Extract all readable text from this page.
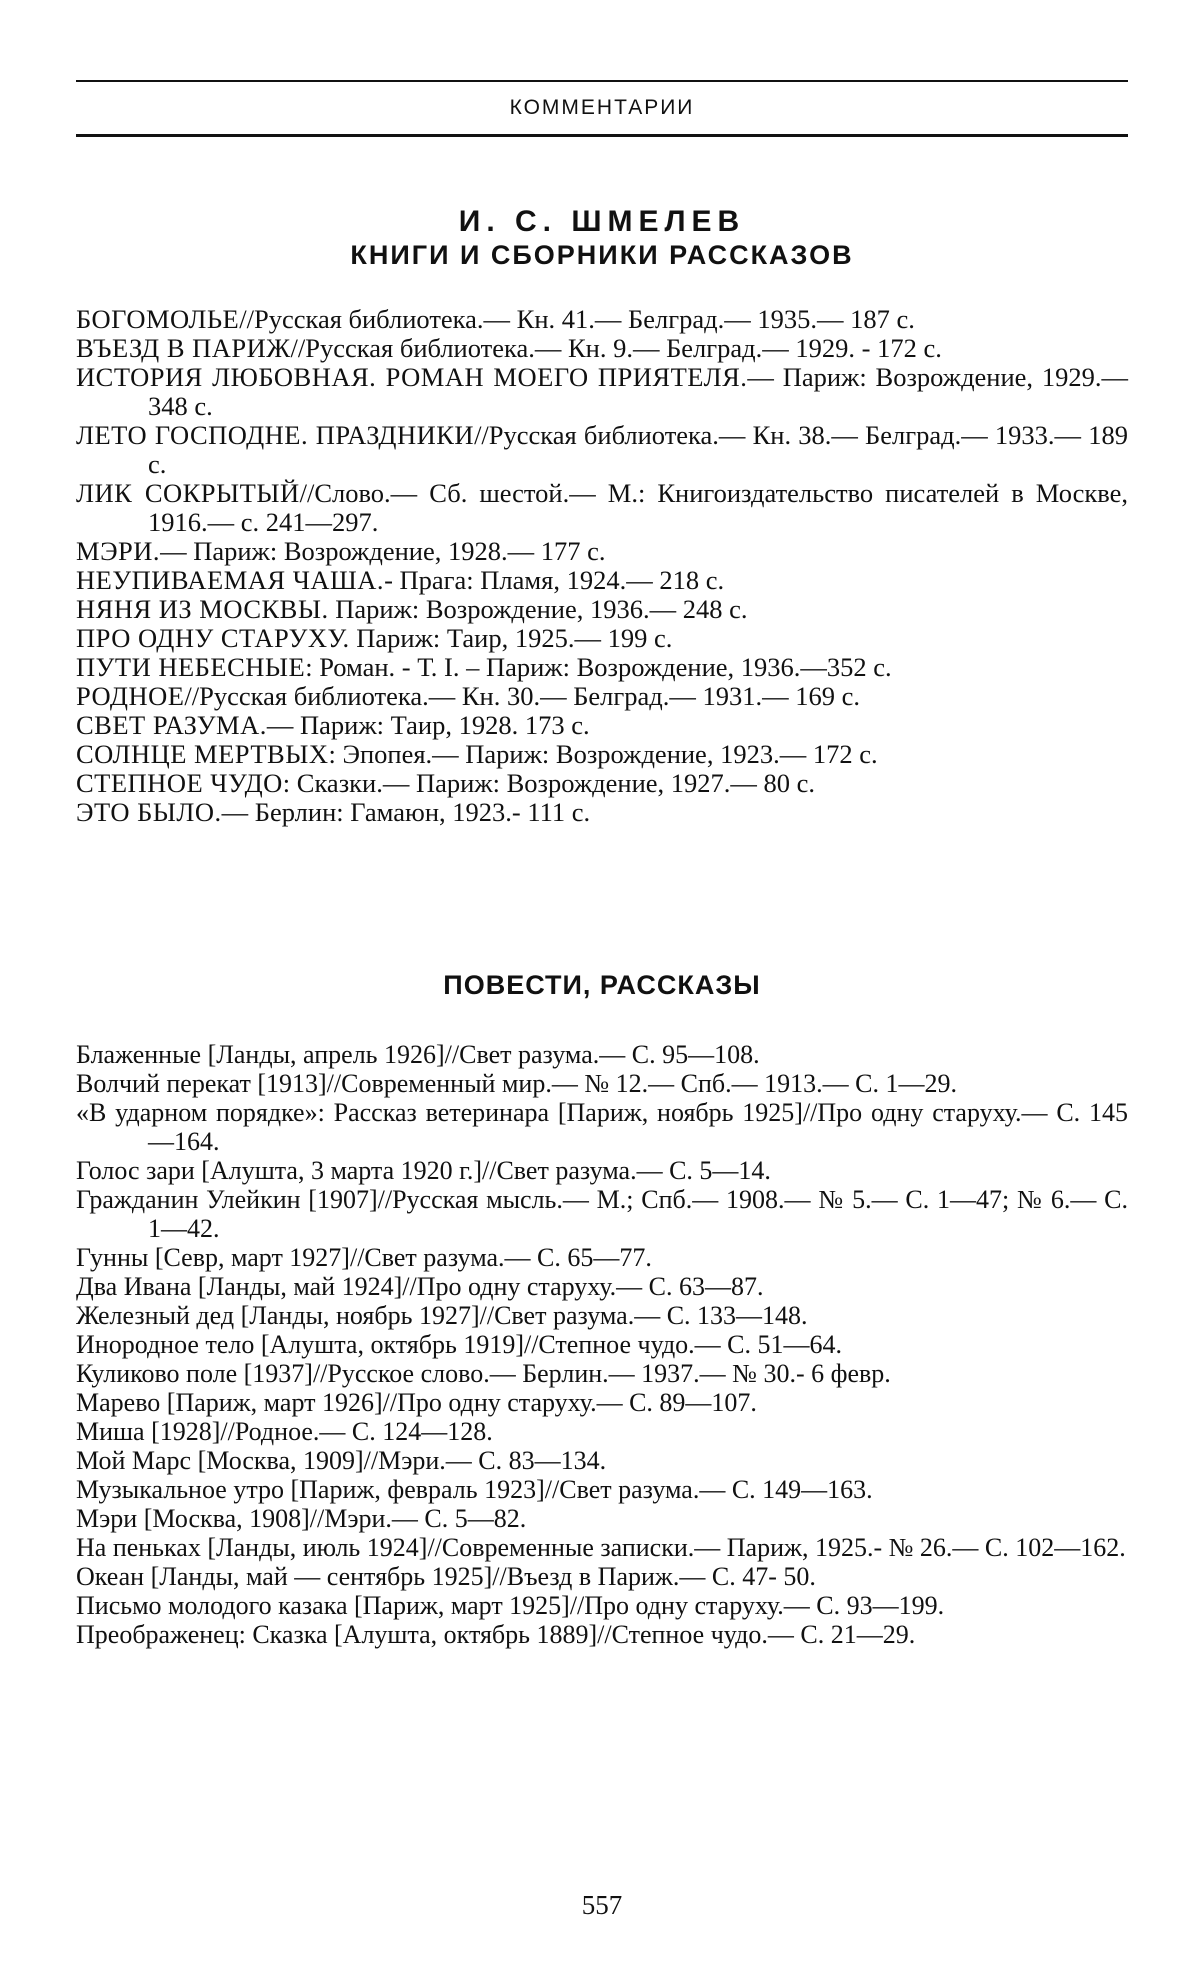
КОММЕНТАРИИ
И. С. ШМЕЛЕВ
КНИГИ И СБОРНИКИ РАССКАЗОВ
БОГОМОЛЬЕ//Русская библиотека.— Кн. 41.— Белград.— 1935.— 187 с.
ВЪЕЗД В ПАРИЖ//Русская библиотека.— Кн. 9.— Белград.— 1929. - 172 с.
ИСТОРИЯ ЛЮБОВНАЯ. РОМАН МОЕГО ПРИЯТЕЛЯ.— Париж: Возрождение, 1929.— 348 с.
ЛЕТО ГОСПОДНЕ. ПРАЗДНИКИ//Русская библиотека.— Кн. 38.— Белград.— 1933.— 189 с.
ЛИК СОКРЫТЫЙ//Слово.— Сб. шестой.— М.: Книгоиздательство писателей в Москве, 1916.— с. 241—297.
МЭРИ.— Париж: Возрождение, 1928.— 177 с.
НЕУПИВАЕМАЯ ЧАША.- Прага: Пламя, 1924.— 218 с.
НЯНЯ ИЗ МОСКВЫ. Париж: Возрождение, 1936.— 248 с.
ПРО ОДНУ СТАРУХУ. Париж: Таир, 1925.— 199 с.
ПУТИ НЕБЕСНЫЕ: Роман. - Т. I. – Париж: Возрождение, 1936.—352 с.
РОДНОЕ//Русская библиотека.— Кн. 30.— Белград.— 1931.— 169 с.
СВЕТ РАЗУМА.— Париж: Таир, 1928. 173 с.
СОЛНЦЕ МЕРТВЫХ: Эпопея.— Париж: Возрождение, 1923.— 172 с.
СТЕПНОЕ ЧУДО: Сказки.— Париж: Возрождение, 1927.— 80 с.
ЭТО БЫЛО.— Берлин: Гамаюн, 1923.- 111 с.
ПОВЕСТИ, РАССКАЗЫ
Блаженные [Ланды, апрель 1926]//Свет разума.— С. 95—108.
Волчий перекат [1913]//Современный мир.— № 12.— Спб.— 1913.— С. 1—29.
«В ударном порядке»: Рассказ ветеринара [Париж, ноябрь 1925]//Про одну старуху.— С. 145—164.
Голос зари [Алушта, 3 марта 1920 г.]//Свет разума.— С. 5—14.
Гражданин Улейкин [1907]//Русская мысль.— М.; Спб.— 1908.— № 5.— С. 1—47; № 6.— С. 1—42.
Гунны [Севр, март 1927]//Свет разума.— С. 65—77.
Два Ивана [Ланды, май 1924]//Про одну старуху.— С. 63—87.
Железный дед [Ланды, ноябрь 1927]//Свет разума.— С. 133—148.
Инородное тело [Алушта, октябрь 1919]//Степное чудо.— С. 51—64.
Куликово поле [1937]//Русское слово.— Берлин.— 1937.— № 30.- 6 февр.
Марево [Париж, март 1926]//Про одну старуху.— С. 89—107.
Миша [1928]//Родное.— С. 124—128.
Мой Марс [Москва, 1909]//Мэри.— С. 83—134.
Музыкальное утро [Париж, февраль 1923]//Свет разума.— С. 149—163.
Мэри [Москва, 1908]//Мэри.— С. 5—82.
На пеньках [Ланды, июль 1924]//Современные записки.— Париж, 1925.- № 26.— С. 102—162.
Океан [Ланды, май — сентябрь 1925]//Въезд в Париж.— С. 47- 50.
Письмо молодого казака [Париж, март 1925]//Про одну старуху.— С. 93—199.
Преображенец: Сказка [Алушта, октябрь 1889]//Степное чудо.— С. 21—29.
557
